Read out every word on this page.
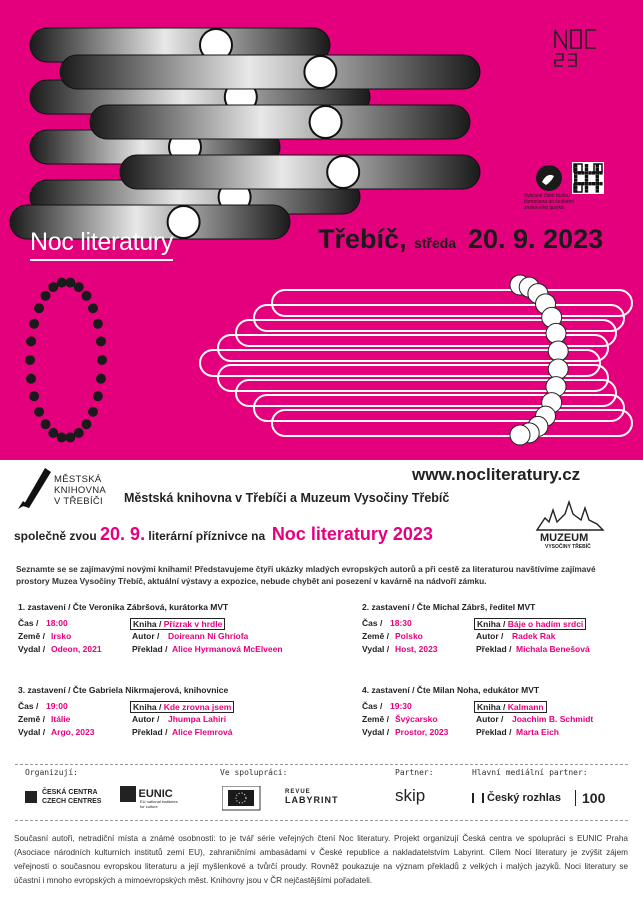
Noc literatury	Třebíč, středa 20. 9. 2023
Vybrané čtení budou tlumočena do českého znakového jazyka
MĚSTSKÁ
KNIHOVNA
V TŘEBÍČI
www.nocliteratury.cz
Městská knihovna v Třebíči a Muzeum Vysočiny Třebíč
společně zvou 20. 9. literární příznivce na Noc literatury 2023	MUZEUM
VYSOČINY TŘEBÍČ
Seznamte se se zajímavými novými knihami! Představujeme čtyři ukázky mladých evropských autorů a při cestě za literaturou navštívíme zajímavé prostory Muzea Vysočiny Třebíč, aktuální výstavy a expozice, nebude chybět ani posezení v kavárně na nádvoří zámku.
1. zastavení / Čte Veronika Zábršová, kurátorka MVT
Čas / 18:00	Kniha / Přízrak v hrdle
Země / Irsko	Autor / Doireann Ní Ghríofa
Vydal / Odeon, 2021	Překlad / Alice Hyrmanová McElveen
2. zastavení / Čte Michal Zábrš, ředitel MVT
Čas / 18:30	Kniha / Báje o hadím srdci
Země / Polsko	Autor / Radek Rak
Vydal / Host, 2023	Překlad / Michala Benešová
3. zastavení / Čte Gabriela Nikrmajerová, knihovnice
Čas / 19:00	Kniha / Kde zrovna jsem
Země / Itálie	Autor / Jhumpa Lahiri
Vydal / Argo, 2023	Překlad / Alice Flemrová
4. zastavení / Čte Milan Noha, edukátor MVT
Čas / 19:30	Kniha / Kalmann
Země / Švýcarsko	Autor / Joachim B. Schmidt
Vydal / Prostor, 2023	Překlad / Marta Eich
Organizují:	Ve spolupráci:	Partner:	Hlavní mediální partner:
ČESKÁ CENTRA
CZECH CENTRES
EUNIC
EU national institutes
for culture
REVUE
LABYRINT	skip	Český rozhlas	100
Současní autoři, netradiční místa a známé osobnosti: to je tvář série veřejných čtení Noc literatury. Projekt organizují Česká centra ve spolupráci s EUNIC Praha (Asociace národních kulturních institutů zemí EU), zahraničními ambasádami v České republice a nakladatelstvím Labyrint. Cílem Noci literatury je zvýšit zájem veřejnosti o současnou evropskou literaturu a její myšlenkové a tvůrčí proudy. Rovněž poukazuje na význam překladů z velkých i malých jazyků. Noci literatury se účastní i mnoho evropských a mimoevropských měst. Knihovny jsou v ČR nejčastějšími pořadateli.
